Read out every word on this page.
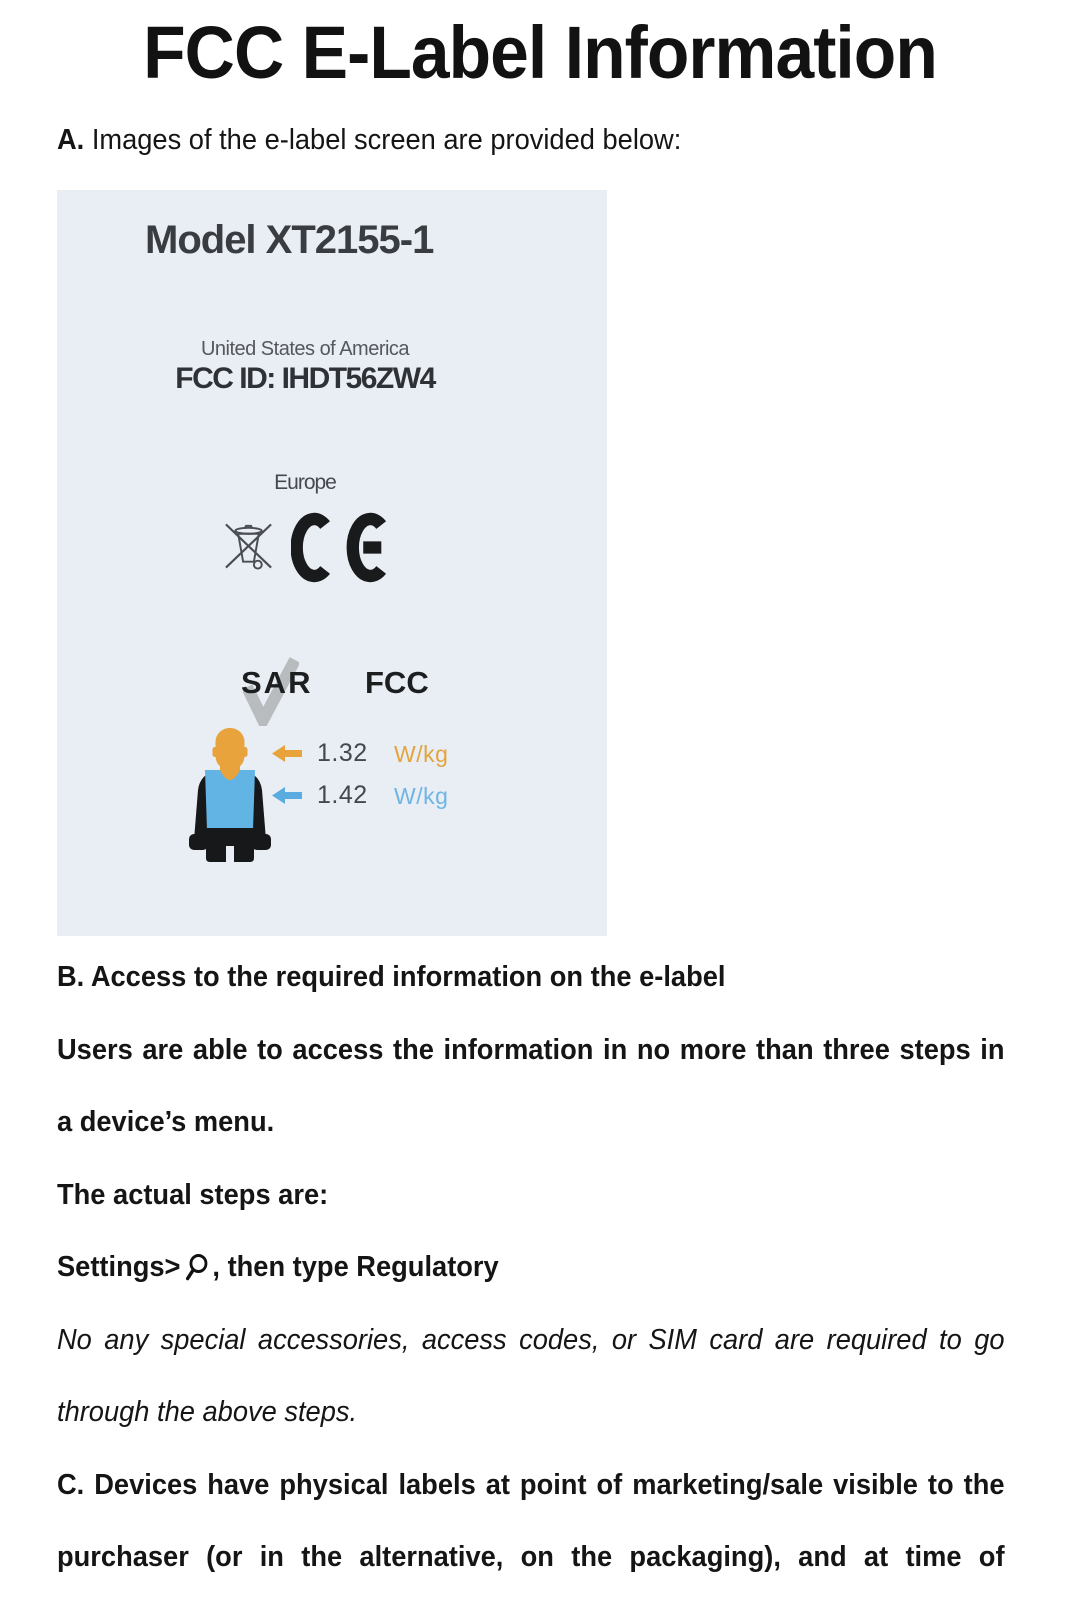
FCC E-Label Information

A. Images of the e-label screen are provided below:

Model XT2155-1
United States of America
FCC ID: IHDT56ZW4
Europe
SAR FCC
1.32 W/kg
1.42 W/kg

B. Access to the required information on the e-label

Users are able to access the information in no more than three steps in

a device’s menu.

The actual steps are:

Settings> , then type Regulatory

No any special accessories, access codes, or SIM card are required to go

through the above steps.

C. Devices have physical labels at point of marketing/sale visible to the

purchaser (or in the alternative, on the packaging), and at time of
